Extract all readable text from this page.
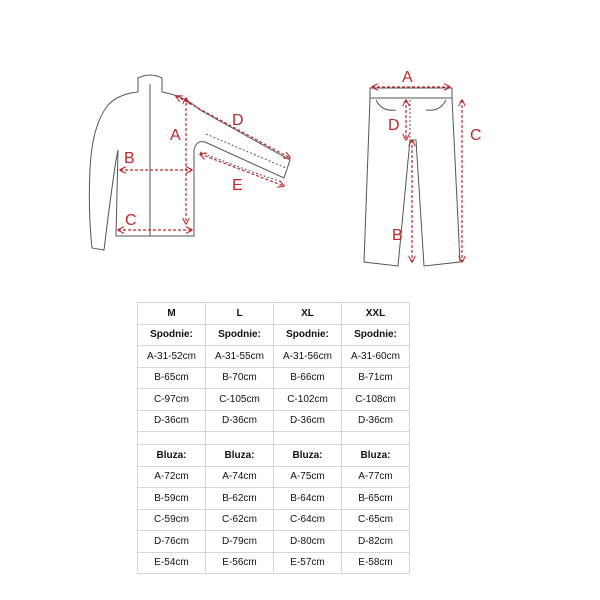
A
B
C
D
E
A
B
C
D
M	L	XL	XXL
Spodnie:	Spodnie:	Spodnie:	Spodnie:
A-31-52cm	A-31-55cm	A-31-56cm	A-31-60cm
B-65cm	B-70cm	B-66cm	B-71cm
C-97cm	C-105cm	C-102cm	C-108cm
D-36cm	D-36cm	D-36cm	D-36cm

Bluza:	Bluza:	Bluza:	Bluza:
A-72cm	A-74cm	A-75cm	A-77cm
B-59cm	B-62cm	B-64cm	B-65cm
C-59cm	C-62cm	C-64cm	C-65cm
D-76cm	D-79cm	D-80cm	D-82cm
E-54cm	E-56cm	E-57cm	E-58cm
